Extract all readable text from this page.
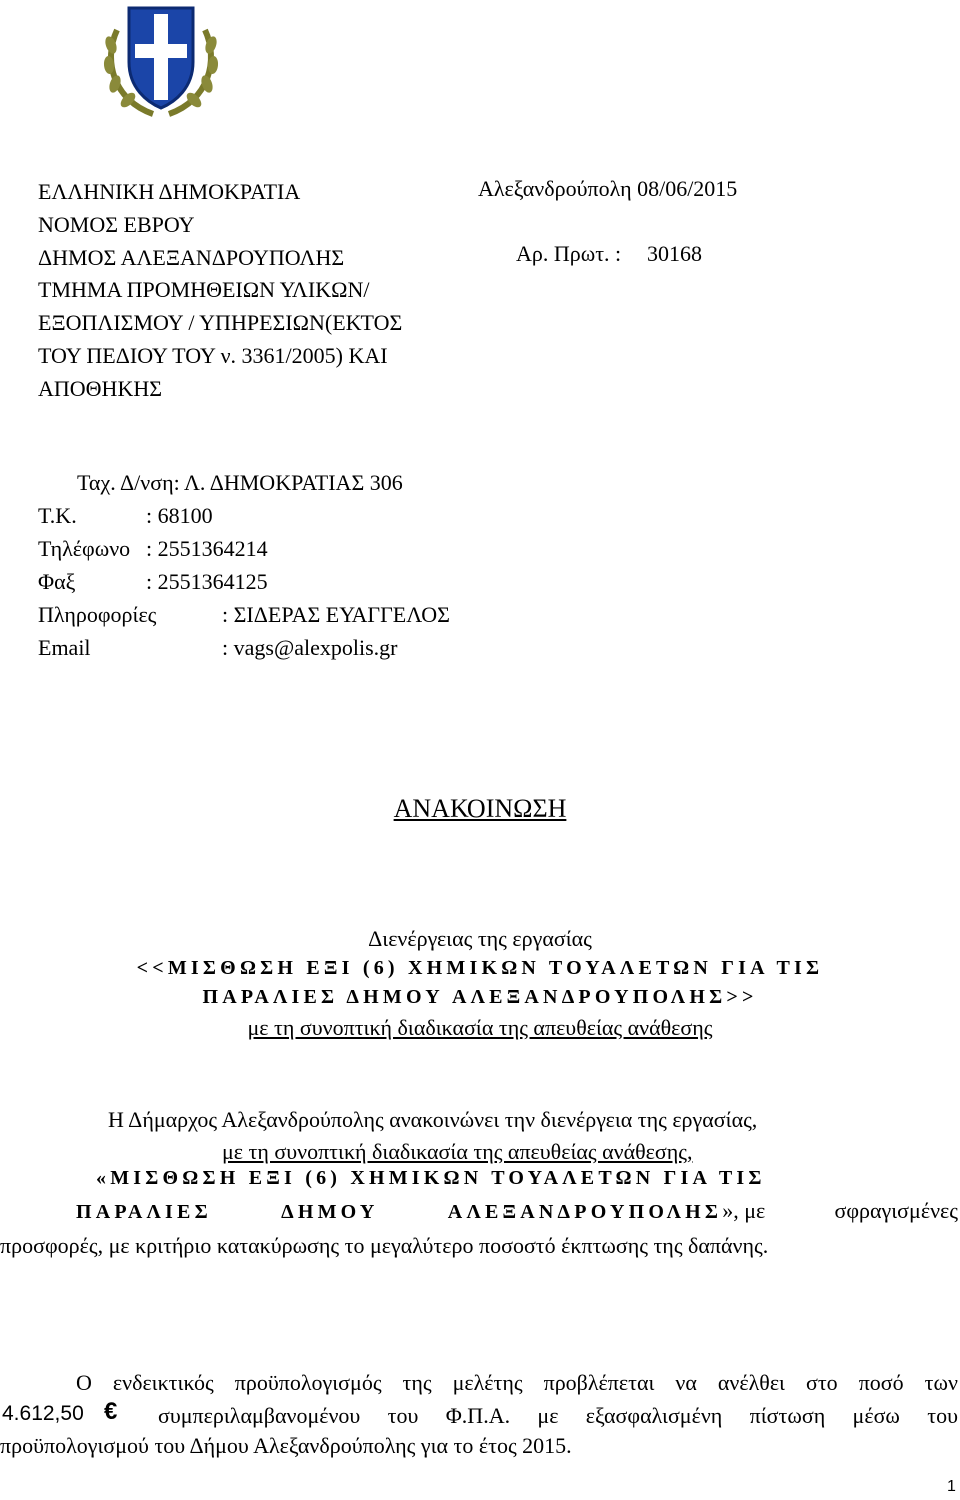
ΕΛΛΗΝΙΚΗ ΔΗΜΟΚΡΑΤΙΑ
ΝΟΜΟΣ ΕΒΡΟΥ
ΔΗΜΟΣ ΑΛΕΞΑΝΔΡΟΥΠΟΛΗΣ
ΤΜΗΜΑ ΠΡΟΜΗΘΕΙΩΝ ΥΛΙΚΩΝ/
ΕΞΟΠΛΙΣΜΟΥ / ΥΠΗΡΕΣΙΩΝ(ΕΚΤΟΣ
ΤΟΥ ΠΕΔΙΟΥ ΤΟΥ ν. 3361/2005) ΚΑΙ
ΑΠΟΘΗΚΗΣ
Αλεξανδρούπολη 08/06/2015
Αρ. Πρωτ. : 30168
Ταχ. Δ/νση: Λ. ΔΗΜΟΚΡΑΤΙΑΣ 306
Τ.Κ.	: 68100
Τηλέφωνο : 2551364214
Φαξ	: 2551364125
Πληροφορίες	: ΣΙΔΕΡΑΣ ΕΥΑΓΓΕΛΟΣ
Email	: vags@alexpolis.gr
ΑΝΑΚΟΙΝΩΣΗ
Διενέργειας της εργασίας
<<ΜΙΣΘΩΣΗ ΕΞΙ (6) ΧΗΜΙΚΩΝ ΤΟΥΑΛΕΤΩΝ ΓΙΑ ΤΙΣ
ΠΑΡΑΛΙΕΣ ΔΗΜΟΥ ΑΛΕΞΑΝΔΡΟΥΠΟΛΗΣ>>
με τη συνοπτική διαδικασία της απευθείας ανάθεσης
Η Δήμαρχος Αλεξανδρούπολης ανακοινώνει την διενέργεια της εργασίας,
με τη συνοπτική διαδικασία της απευθείας ανάθεσης,
«ΜΙΣΘΩΣΗ ΕΞΙ (6) ΧΗΜΙΚΩΝ ΤΟΥΑΛΕΤΩΝ ΓΙΑ ΤΙΣ
ΠΑΡΑΛΙΕΣ	ΔΗΜΟΥ	ΑΛΕΞΑΝΔΡΟΥΠΟΛΗΣ», με	σφραγισμένες
προσφορές, με κριτήριο κατακύρωσης το μεγαλύτερο ποσοστό έκπτωσης της δαπάνης.
Ο ενδεικτικός προϋπολογισμός της μελέτης προβλέπεται να ανέλθει στο ποσό των
4.612,50 € συμπεριλαμβανομένου του Φ.Π.Α. με εξασφαλισμένη πίστωση μέσω του
προϋπολογισμού του Δήμου Αλεξανδρούπολης για το έτος 2015.
1
